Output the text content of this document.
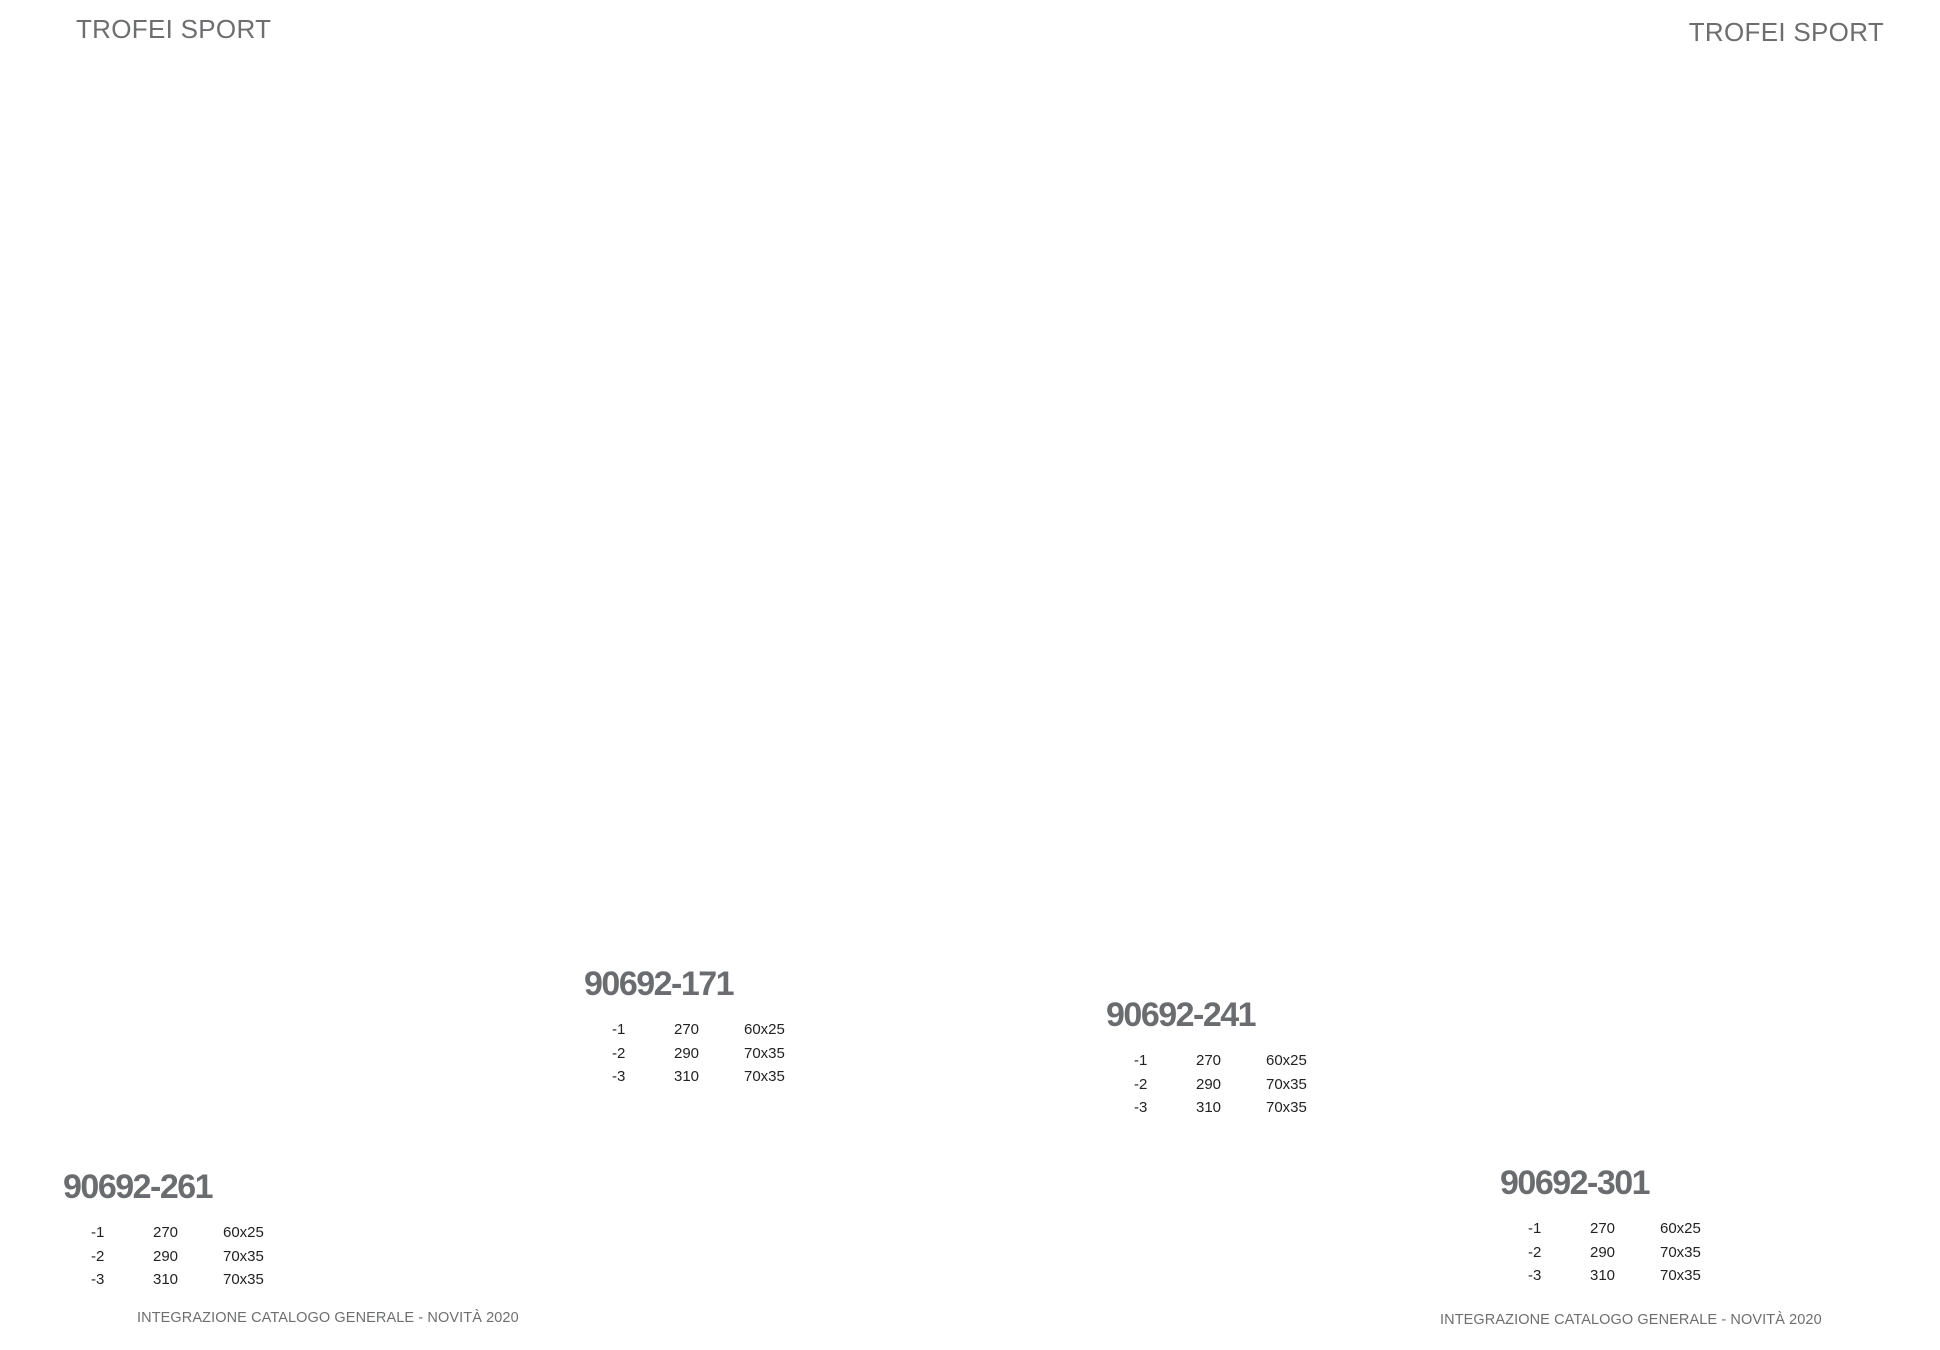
TROFEI SPORT	TROFEI SPORT
90692-171
-1	270	60x25
-2	290	70x35
-3	310	70x35
90692-241
-1	270	60x25
-2	290	70x35
-3	310	70x35
90692-261
-1	270	60x25
-2	290	70x35
-3	310	70x35
90692-301
-1	270	60x25
-2	290	70x35
-3	310	70x35
INTEGRAZIONE CATALOGO GENERALE - NOVITÀ 2020	INTEGRAZIONE CATALOGO GENERALE - NOVITÀ 2020
